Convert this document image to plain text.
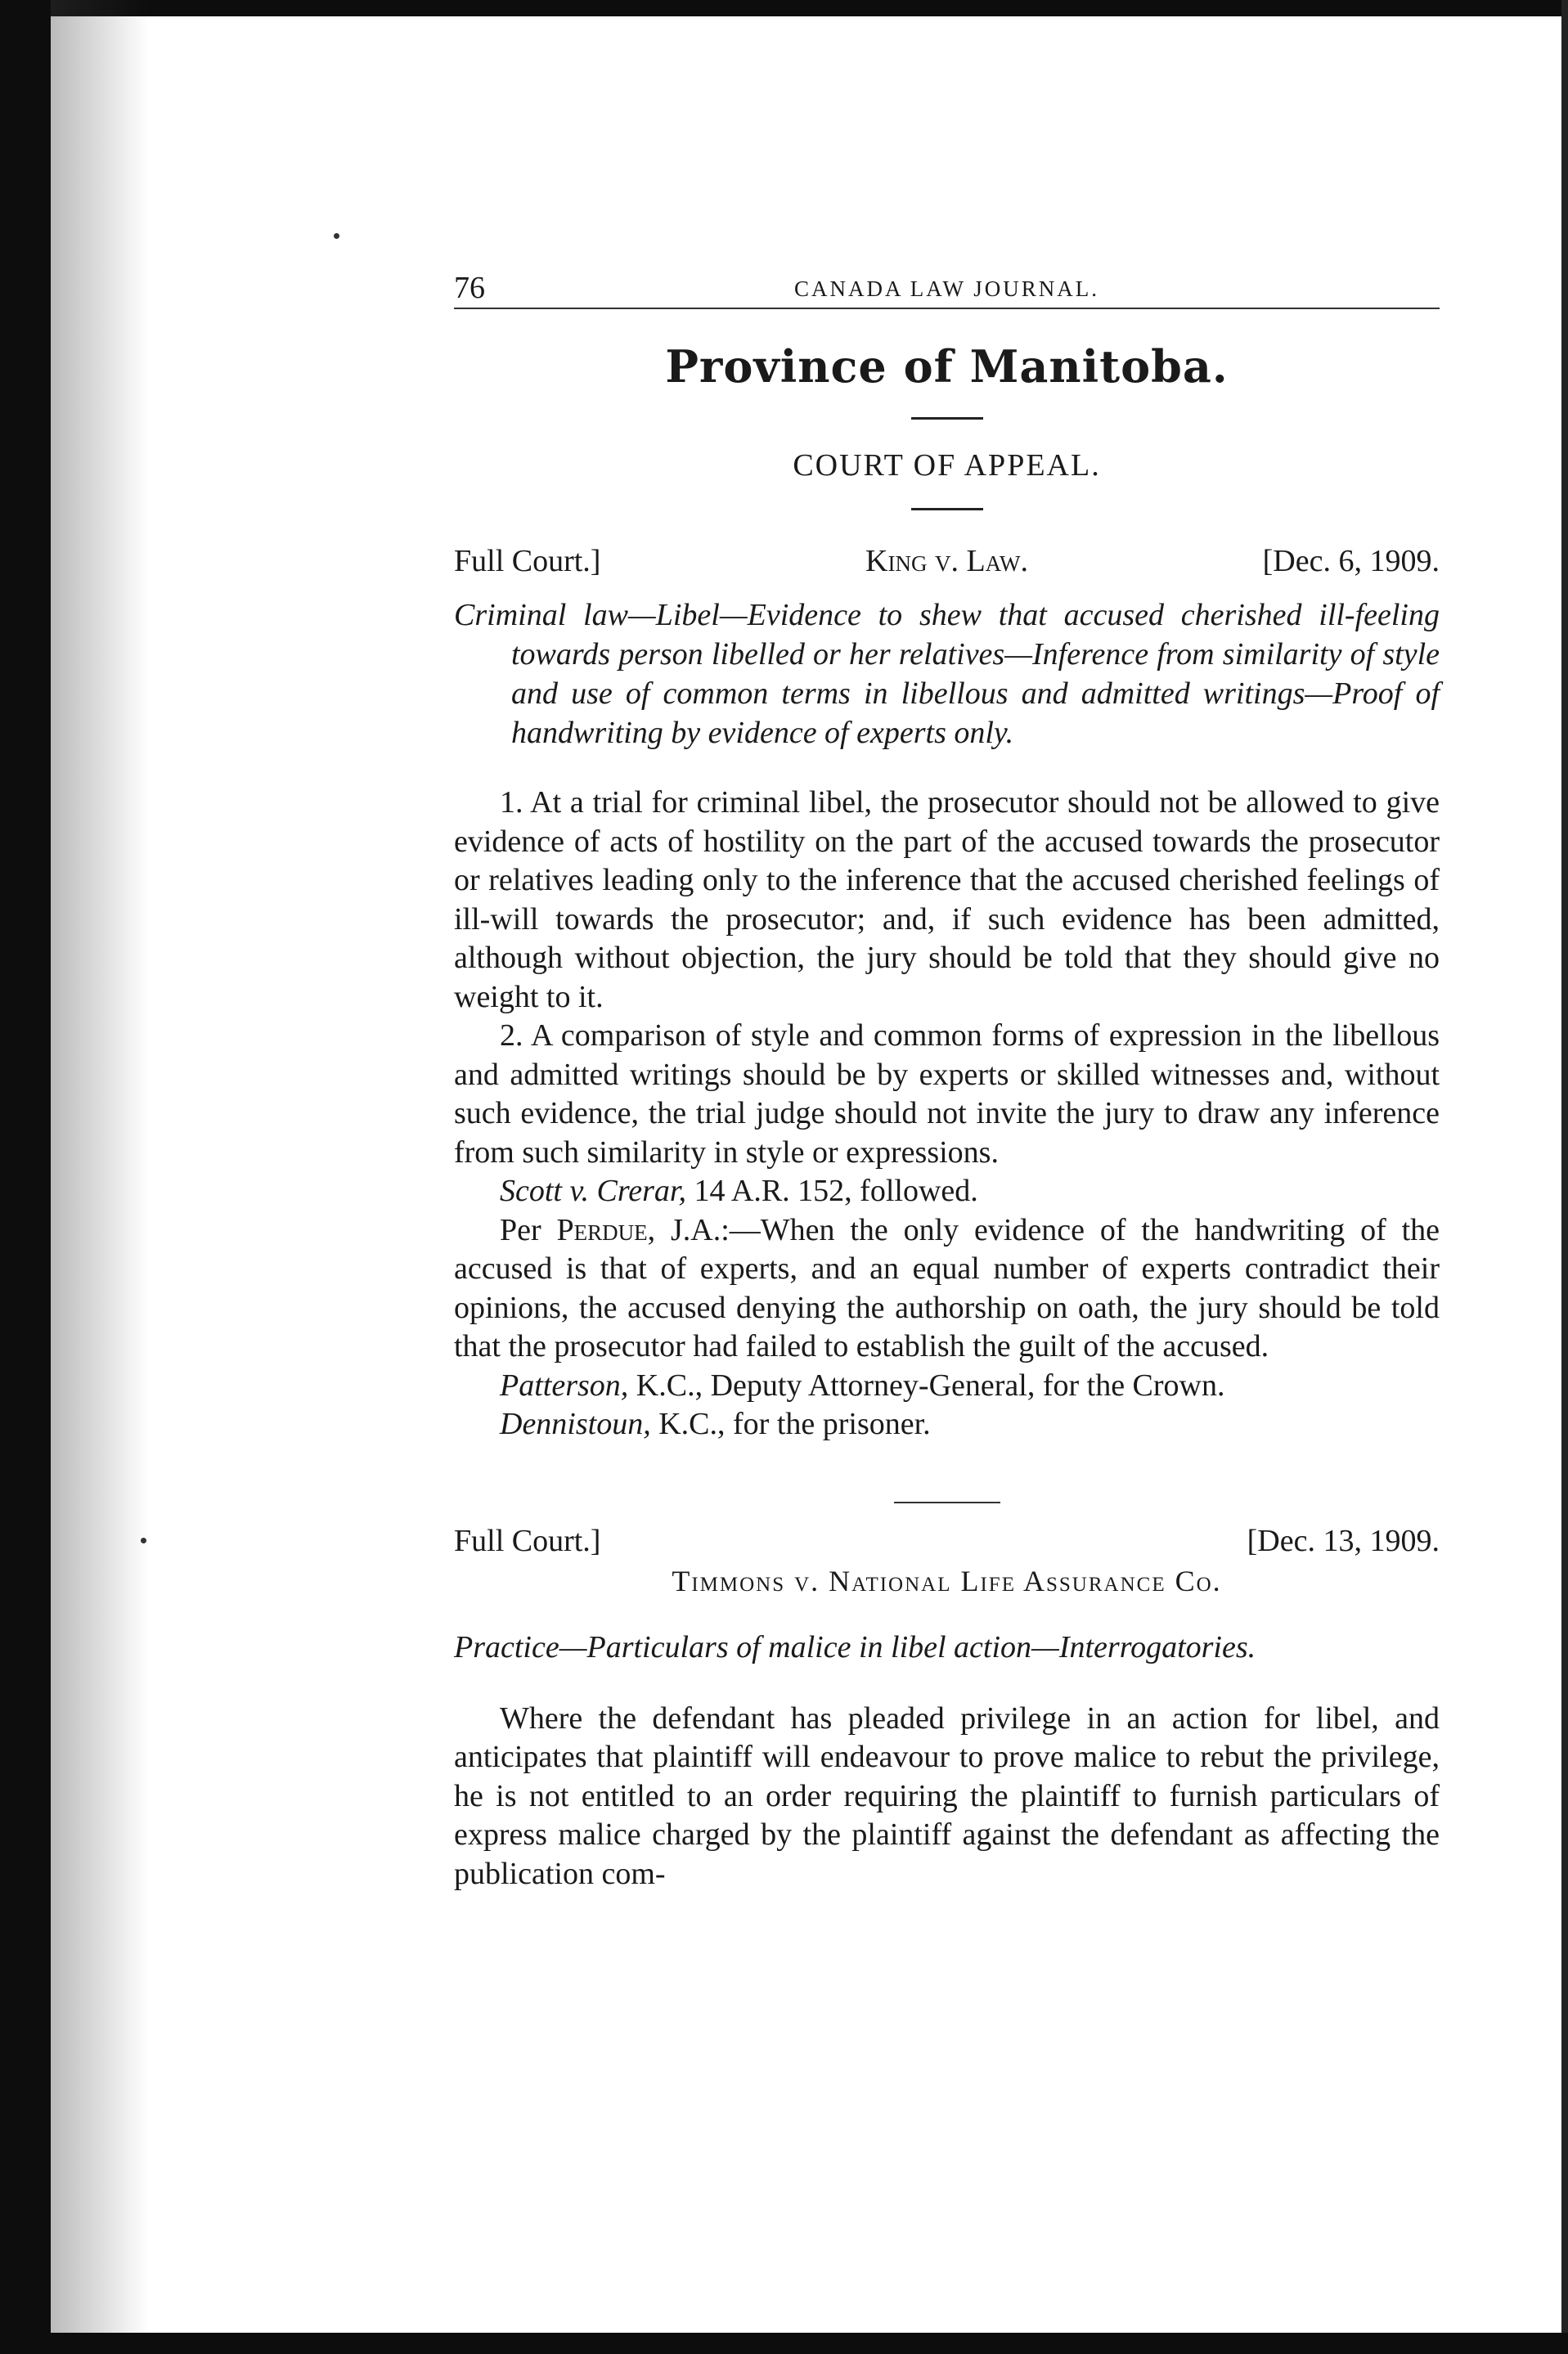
76	CANADA LAW JOURNAL.
Province of Manitoba.
COURT OF APPEAL.
Full Court.]	King v. Law.	[Dec. 6, 1909.

Criminal law—Libel—Evidence to shew that accused cherished ill-feeling towards person libelled or her relatives—Inference from similarity of style and use of common terms in libellous and admitted writings—Proof of handwriting by evidence of experts only.

1. At a trial for criminal libel, the prosecutor should not be allowed to give evidence of acts of hostility on the part of the accused towards the prosecutor or relatives leading only to the inference that the accused cherished feelings of ill-will towards the prosecutor; and, if such evidence has been admitted, although without objection, the jury should be told that they should give no weight to it.

2. A comparison of style and common forms of expression in the libellous and admitted writings should be by experts or skilled witnesses and, without such evidence, the trial judge should not invite the jury to draw any inference from such similarity in style or expressions.

Scott v. Crerar, 14 A.R. 152, followed.

Per Perdue, J.A.:—When the only evidence of the handwriting of the accused is that of experts, and an equal number of experts contradict their opinions, the accused denying the authorship on oath, the jury should be told that the prosecutor had failed to establish the guilt of the accused.

Patterson, K.C., Deputy Attorney-General, for the Crown.

Dennistoun, K.C., for the prisoner.

Full Court.]	[Dec. 13, 1909.
Timmons v. National Life Assurance Co.

Practice—Particulars of malice in libel action—Interrogatories.

Where the defendant has pleaded privilege in an action for libel, and anticipates that plaintiff will endeavour to prove malice to rebut the privilege, he is not entitled to an order requiring the plaintiff to furnish particulars of express malice charged by the plaintiff against the defendant as affecting the publication com-
